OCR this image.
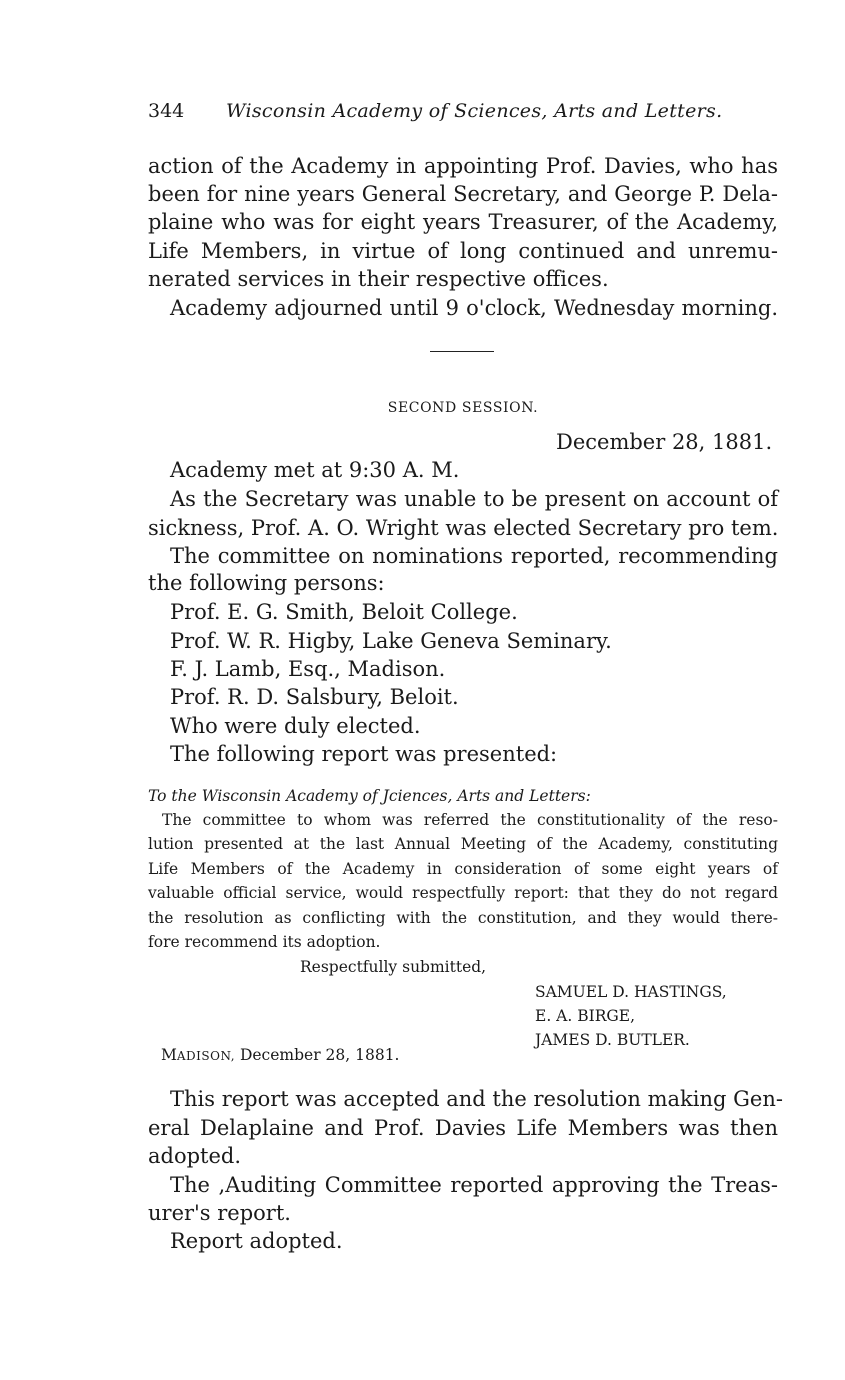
344 Wisconsin Academy of Sciences, Arts and Letters.
action of the Academy in appointing Prof. Davies, who has
been for nine years General Secretary, and George P. Dela-
plaine who was for eight years Treasurer, of the Academy,
Life Members, in virtue of long continued and unremu-
nerated services in their respective offices.
Academy adjourned until 9 o'clock, Wednesday morning.
SECOND SESSION.
December 28, 1881.
Academy met at 9:30 A. M.
As the Secretary was unable to be present on account of
sickness, Prof. A. O. Wright was elected Secretary pro tem.
The committee on nominations reported, recommending
the following persons:
Prof. E. G. Smith, Beloit College.
Prof. W. R. Higby, Lake Geneva Seminary.
F. J. Lamb, Esq., Madison.
Prof. R. D. Salsbury, Beloit.
Who were duly elected.
The following report was presented:
To the Wisconsin Academy of Jciences, Arts and Letters:
The committee to whom was referred the constitutionality of the reso-
lution presented at the last Annual Meeting of the Academy, constituting
Life Members of the Academy in consideration of some eight years of
valuable official service, would respectfully report: that they do not regard
the resolution as conflicting with the constitution, and they would there-
fore recommend its adoption.
Respectfully submitted,
SAMUEL D. HASTINGS,
E. A. BIRGE,
JAMES D. BUTLER.
MADISON, December 28, 1881.
This report was accepted and the resolution making Gen-
eral Delaplaine and Prof. Davies Life Members was then
adopted.
The ,Auditing Committee reported approving the Treas-
urer's report.
Report adopted.
